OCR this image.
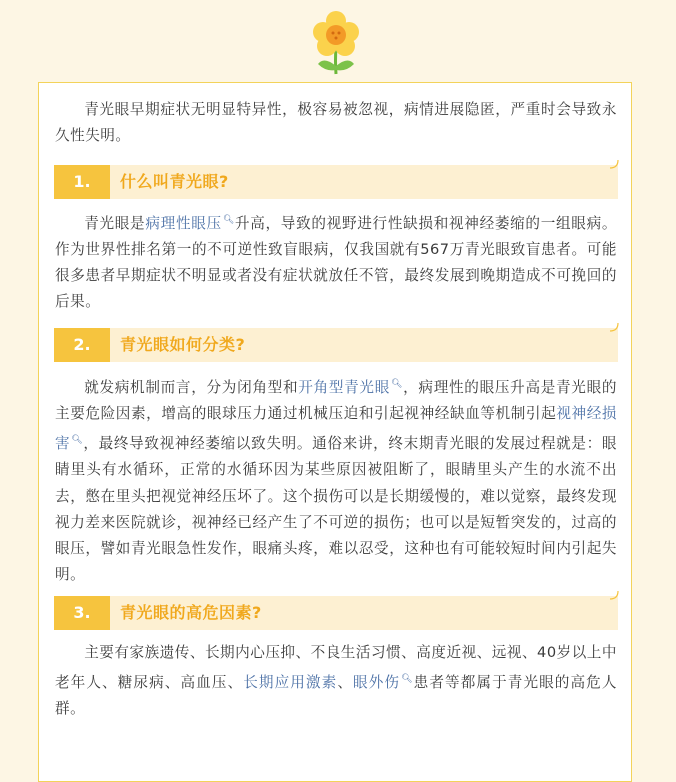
青光眼早期症状无明显特异性，极容易被忽视，病情进展隐匿，严重时会导致永久性失明。

1.	什么叫青光眼?

青光眼是病理性眼压🔍︎升高，导致的视野进行性缺损和视神经萎缩的一组眼病。作为世界性排名第一的不可逆性致盲眼病，仅我国就有567万青光眼致盲患者。可能很多患者早期症状不明显或者没有症状就放任不管，最终发展到晚期造成不可挽回的后果。

2.	青光眼如何分类?

就发病机制而言，分为闭角型和开角型青光眼🔍︎，病理性的眼压升高是青光眼的主要危险因素，增高的眼球压力通过机械压迫和引起视神经缺血等机制引起视神经损害🔍︎，最终导致视神经萎缩以致失明。通俗来讲，终末期青光眼的发展过程就是：眼睛里头有水循环，正常的水循环因为某些原因被阻断了，眼睛里头产生的水流不出去，憋在里头把视觉神经压坏了。这个损伤可以是长期缓慢的，难以觉察，最终发现视力差来医院就诊，视神经已经产生了不可逆的损伤；也可以是短暂突发的，过高的眼压，譬如青光眼急性发作，眼痛头疼，难以忍受，这种也有可能较短时间内引起失明。

3.	青光眼的高危因素?

主要有家族遗传、长期内心压抑、不良生活习惯、高度近视、远视、40岁以上中老年人、糖尿病、高血压、长期应用激素、眼外伤🔍︎患者等都属于青光眼的高危人群。
